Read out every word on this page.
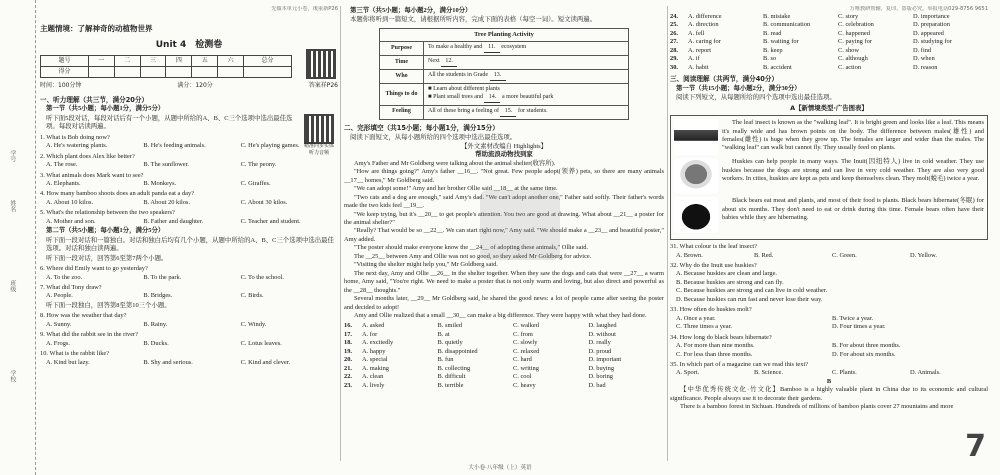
学号
姓名
班级
学校
主题情境：了解神奇的动植物世界
先做本单元小卷，後重新P26
Unit 4　检测卷
题号	一	二	三	四	五	六	总分
得分							
时间：100分钟	满分：120分	答案祥P26
一、听力理解（共三节，满分20分）
第一节（共5小题；每小题1分，满分5分）
听下面5段对话，每段对话后有一个小题，从题中所给的A、B、C三个选项中选出最佳选项。每段对话读两遍。
1. What is Bob doing now?
A. He's watering plants.	B. He's feeding animals.	C. He's playing games.
2. Which plant does Alex like better?
A. The rose.	B. The sunflower.	C. The peony.
3. What animals does Mark want to see?
A. Elephants.	B. Monkeys.	C. Giraffes.
4. How many bamboo shoots does an adult panda eat a day?
A. About 10 kilos.	B. About 20 kilos.	C. About 30 kilos.
5. What's the relationship between the two speakers?
A. Mother and son.	B. Father and daughter.	C. Teacher and student.
第二节（共5小题；每小题1分，满分5分）
听下面一段对话和一篇独白。对话和独白后均有几个小题，从题中所给的A、B、C三个选项中选出最佳选项。对话和独白读两遍。
听下面一段对话，回答第6至第7两个小题。
6. Where did Emily want to go yesterday?
A. To the zoo.	B. To the park.	C. To the school.
7. What did Tony draw?
A. People.	B. Bridges.	C. Birds.
听下面一段独白，回答第8至第10三个小题。
8. How was the weather that day?
A. Sunny.	B. Rainy.	C. Windy.
9. What did the rabbit see in the river?
A. Frogs.	B. Ducks.	C. Lotus leaves.
10. What is the rabbit like?
A. Kind but lazy.	B. Shy and serious.	C. Kind and clever.
精准同步实体
听力音频
第三节（共5小题；每小题2分，满分10分）
本题你将听到一篇短文，请根据所听内容，完成下面的表格（每空一词）。短文读两遍。
Tree Planting Activity	
Purpose	To make a healthy and 11. ecosystem
Time	Next 12.
Who	All the students in Grade 13.
Things to do	■ Learn about different plants
■ Plant small trees and 14. a more beautiful park

Feeling	All of these bring a feeling of 15. for students.
二、完形填空（共15小题；每小题1分，满分15分）
阅读下面短文，从每小题所给的四个选项中选出最佳选项。
【外文素材改编自 Highlights】
帮助流浪动物找到家

Amy's Father and Mr Goldberg were talking about the animal shelter(收容所).

"How are things going?" Amy's father __16__. "Not great. Few people adopt(领养) pets, so there are many animals __17__ homes," Mr Goldberg said.

"We can adopt some!" Amy and her brother Ollie said __18__ at the same time.

"Two cats and a dog are enough," said Amy's dad. "We can't adopt another one," Father said softly. Their father's words made the two kids feel __19__.

"We keep trying, but it's __20__ to get people's attention. You two are good at drawing. What about __21__ a poster for the animal shelter?"

"Really? That would be so __22__. We can start right now," Amy said. "We should make a __23__ and beautiful poster," Amy added.

"The poster should make everyone know the __24__ of adopting these animals," Ollie said.

The __25__ between Amy and Ollie was not so good, so they asked Mr Goldberg for advice.

"Visiting the shelter might help you," Mr Goldberg said.

The next day, Amy and Ollie __26__ in the shelter together. When they saw the dogs and cats that were __27__ a warm home, Amy said, "You're right. We need to make a poster that is not only warm and loving, but also direct and powerful as the __28__ thoughts."

Several months later, __29__ Mr Goldberg said, he shared the good news: a lot of people came after seeing the poster and decided to adopt!

Amy and Ollie realized that a small __30__ can make a big difference. They were happy with what they had done.

16.	A. asked	B. smiled	C. walked	D. laughed
17.	A. for	B. at	C. from	D. without
18.	A. excitedly	B. quietly	C. slowly	D. really
19.	A. happy	B. disappointed	C. relaxed	D. proud
20.	A. special	B. fun	C. hard	D. important
21.	A. making	B. collecting	C. writing	D. buying
22.	A. clean	B. difficult	C. cool	D. boring
23.	A. lively	B. terrible	C. heavy	D. bad
万唯教研帮辅，复印、盗版必究。举报电话029-8756 9651
24.	A. difference	B. mistake	C. story	D. importance
25.	A. direction	B. communication	C. celebration	D. preparation
26.	A. fell	B. read	C. happened	D. appeared
27.	A. caring for	B. waiting for	C. paying for	D. studying for
28.	A. report	B. keep	C. show	D. find
29.	A. if	B. so	C. although	D. when
30.	A. habit	B. accident	C. action	D. reason
三、阅读理解（共两节，满分40分）
第一节（共15小题；每小题2分，满分30分）
阅读下列短文，从每题所给的四个选项中选出最佳选项。
A【新情境类型·广告图表】

The leaf insect is known as the "walking leaf". It is bright green and looks like a leaf. This means it's really wide and has brown points on the body. The difference between males(雄性) and females(雌性) is huge when they grow up. The females are larger and wider than the males. The "walking leaf" can walk but cannot fly. They usually feed on plants.

Huskies can help people in many ways. The Inuit(因纽特人) live in cold weather. They use huskies because the dogs are strong and can live in very cold weather. They are also very good workers. In cities, huskies are kept as pets and keep themselves clean. They molt(蜕毛) twice a year.

Black bears eat meat and plants, and most of their food is plants. Black bears hibernate(冬眠) for about six months. They don't need to eat or drink during this time. Female bears often have their babies while they are hibernating.

31. What colour is the leaf insect?
A. Brown.	B. Red.	C. Green.	D. Yellow.
32. Why do the Inuit use huskies?
A. Because huskies are clean and large.
B. Because huskies are strong and can fly.
C. Because huskies are strong and can live in cold weather.
D. Because huskies can run fast and never lose their way.
33. How often do huskies molt?
A. Once a year.	B. Twice a year.
C. Three times a year.	D. Four times a year.
34. How long do black bears hibernate?
A. For more than nine months.	B. For about three months.
C. For less than three months.	D. For about six months.
35. In which part of a magazine can we read this text?
A. Sport.	B. Science.	C. Plants.	D. Animals.
B

【中华优秀传统文化·竹文化】Bamboo is a highly valuable plant in China due to its economic and cultural significance. People always use it to decorate their gardens.

There is a bamboo forest in Sichuan. Hundreds of millions of bamboo plants cover 27 mountains and more

大小卷·八年级（上）英语
7
